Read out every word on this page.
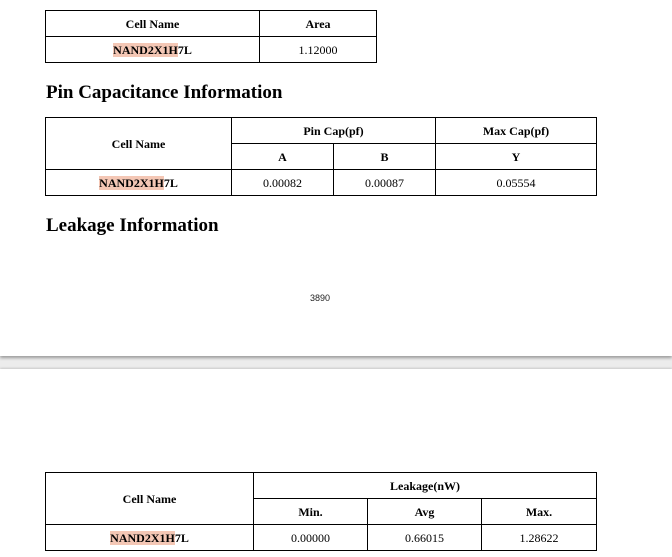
Cell Name	Area
NAND2X1H7L	1.12000
Pin Capacitance Information
Cell Name	Pin Cap(pf)		Max Cap(pf)
	A	B	Y
NAND2X1H7L	0.00082	0.00087	0.05554
Leakage Information
3890
Cell Name	Leakage(nW)		
	Min.	Avg	Max.
NAND2X1H7L	0.00000	0.66015	1.28622
